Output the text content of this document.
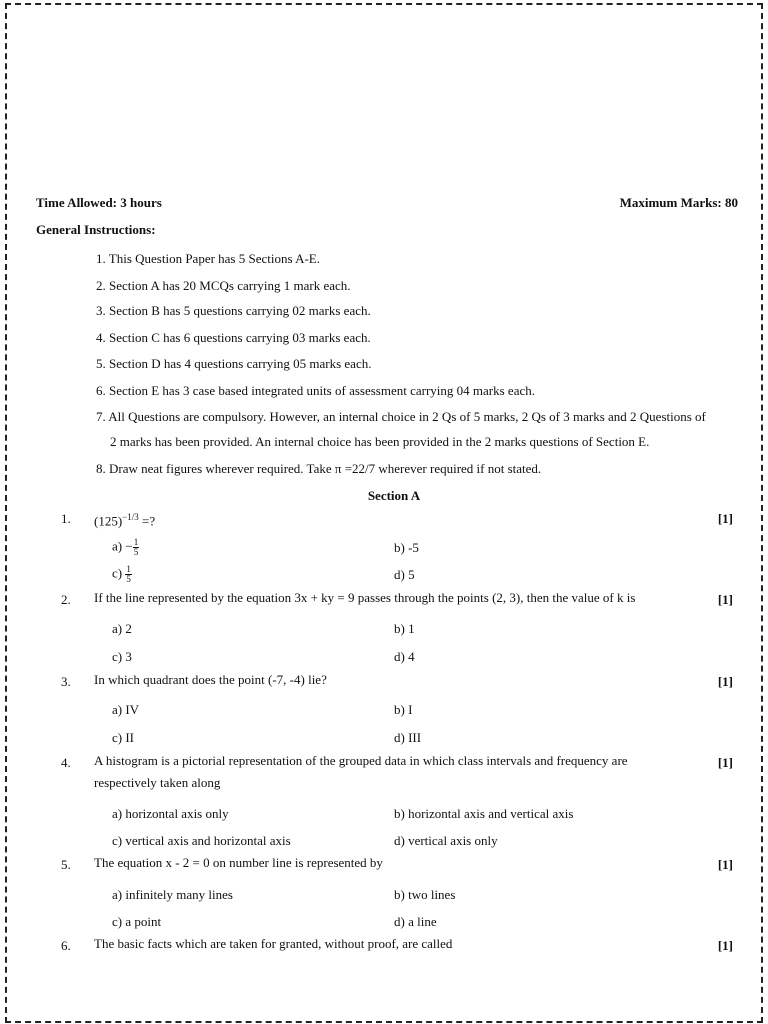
Time Allowed: 3 hours	Maximum Marks: 80
General Instructions:
1. This Question Paper has 5 Sections A-E.
2. Section A has 20 MCQs carrying 1 mark each.
3. Section B has 5 questions carrying 02 marks each.
4. Section C has 6 questions carrying 03 marks each.
5. Section D has 4 questions carrying 05 marks each.
6. Section E has 3 case based integrated units of assessment carrying 04 marks each.
7. All Questions are compulsory. However, an internal choice in 2 Qs of 5 marks, 2 Qs of 3 marks and 2 Questions of
2 marks has been provided. An internal choice has been provided in the 2 marks questions of Section E.
8. Draw neat figures wherever required. Take π =22/7 wherever required if not stated.
Section A
1. $(125)^{-1/3}$ =?	[1]
$a) - \frac{1}{5}$	b) -5
$c) \frac{1}{5}$	d) 5
2. If the line represented by the equation 3x + ky = 9 passes through the points (2, 3), then the value of k is	[1]
a) 2	b) 1
c) 3	d) 4
3. In which quadrant does the point (-7, -4) lie?	[1]
a) IV	b) I
c) II	d) III
4. A histogram is a pictorial representation of the grouped data in which class intervals and frequency are
respectively taken along
[1]
a) horizontal axis only	b) horizontal axis and vertical axis
c) vertical axis and horizontal axis	d) vertical axis only
5. The equation x - 2 = 0 on number line is represented by	[1]
a) infinitely many lines	b) two lines
c) a point	d) a line
6. The basic facts which are taken for granted, without proof, are called	[1]
